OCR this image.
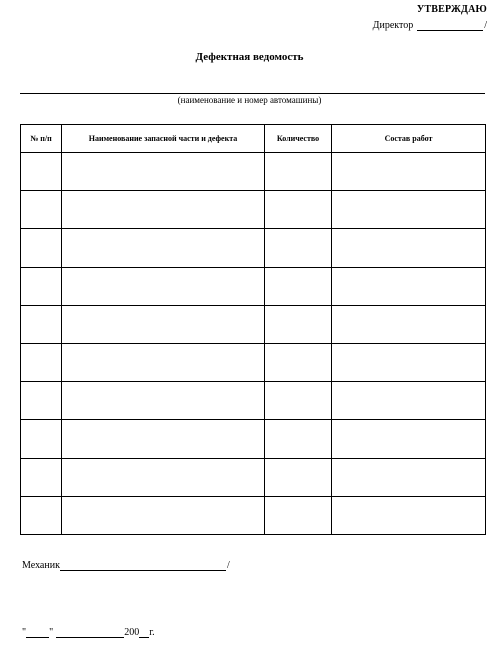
УТВЕРЖДАЮ
Директор	/
Дефектная ведомость
(наименование и номер автомашины)
№ п/п	Наименование запасной части и дефекта	Количество	Состав работ

Механик	/
" "	200 г.
